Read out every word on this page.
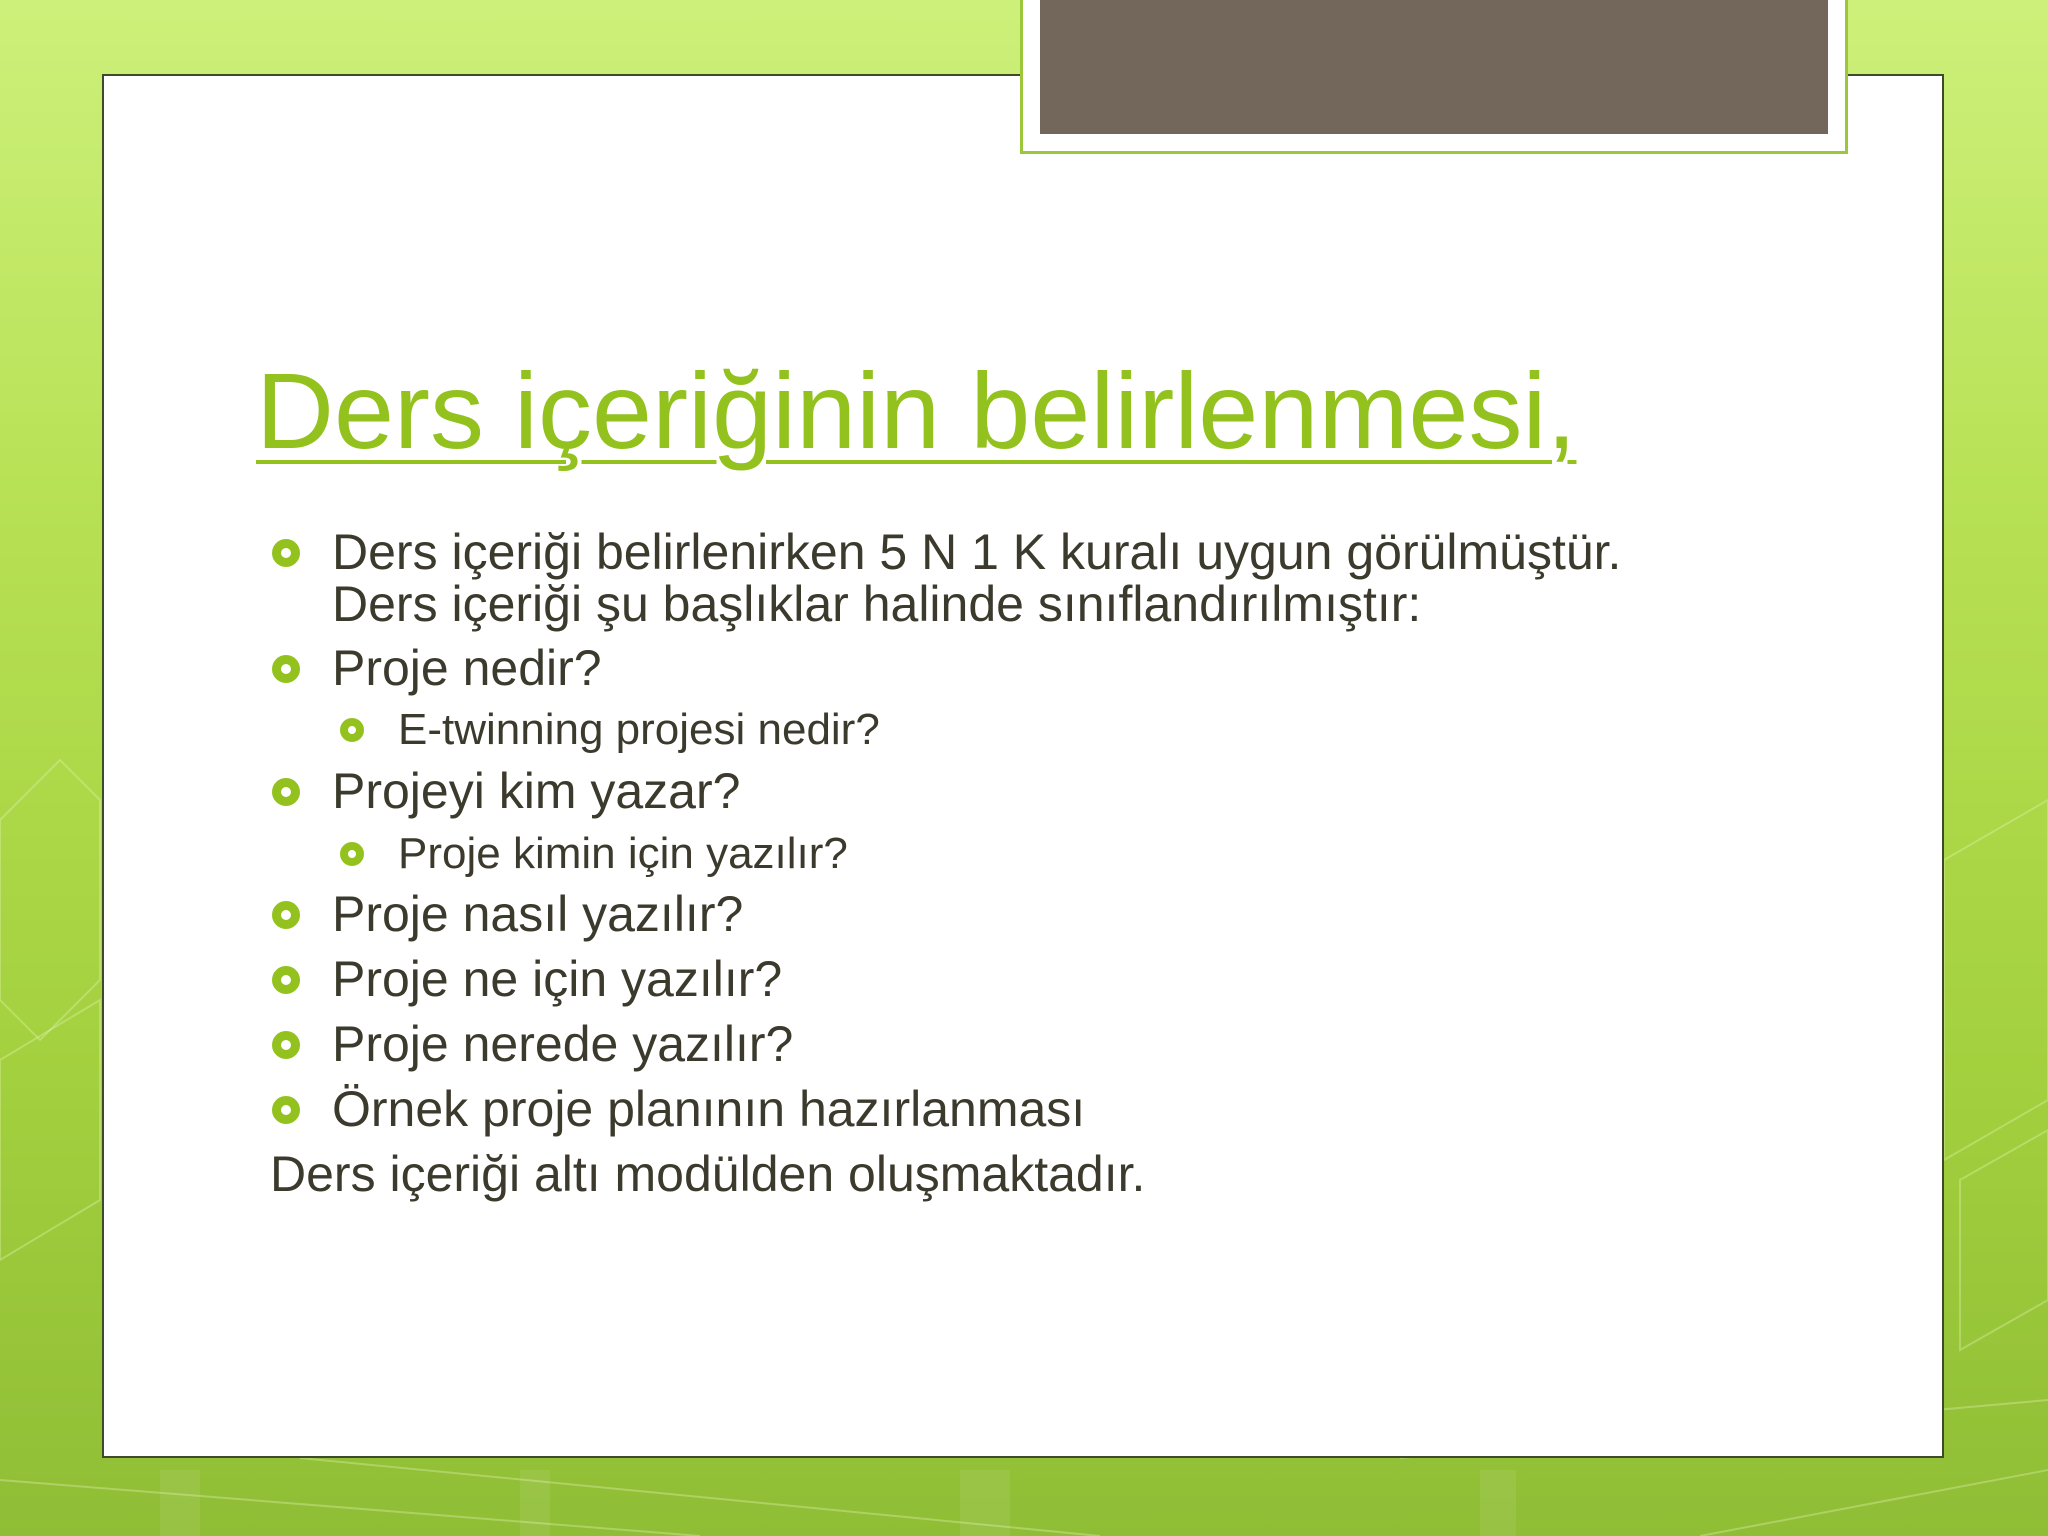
Ders içeriğinin belirlenmesi,
Ders içeriği belirlenirken 5 N 1 K kuralı uygun görülmüştür.
Ders içeriği şu başlıklar halinde sınıflandırılmıştır:
Proje nedir?
E-twinning projesi nedir?
Projeyi kim yazar?
Proje kimin için yazılır?
Proje nasıl yazılır?
Proje ne için yazılır?
Proje nerede yazılır?
Örnek proje planının hazırlanması
Ders içeriği altı modülden oluşmaktadır.
